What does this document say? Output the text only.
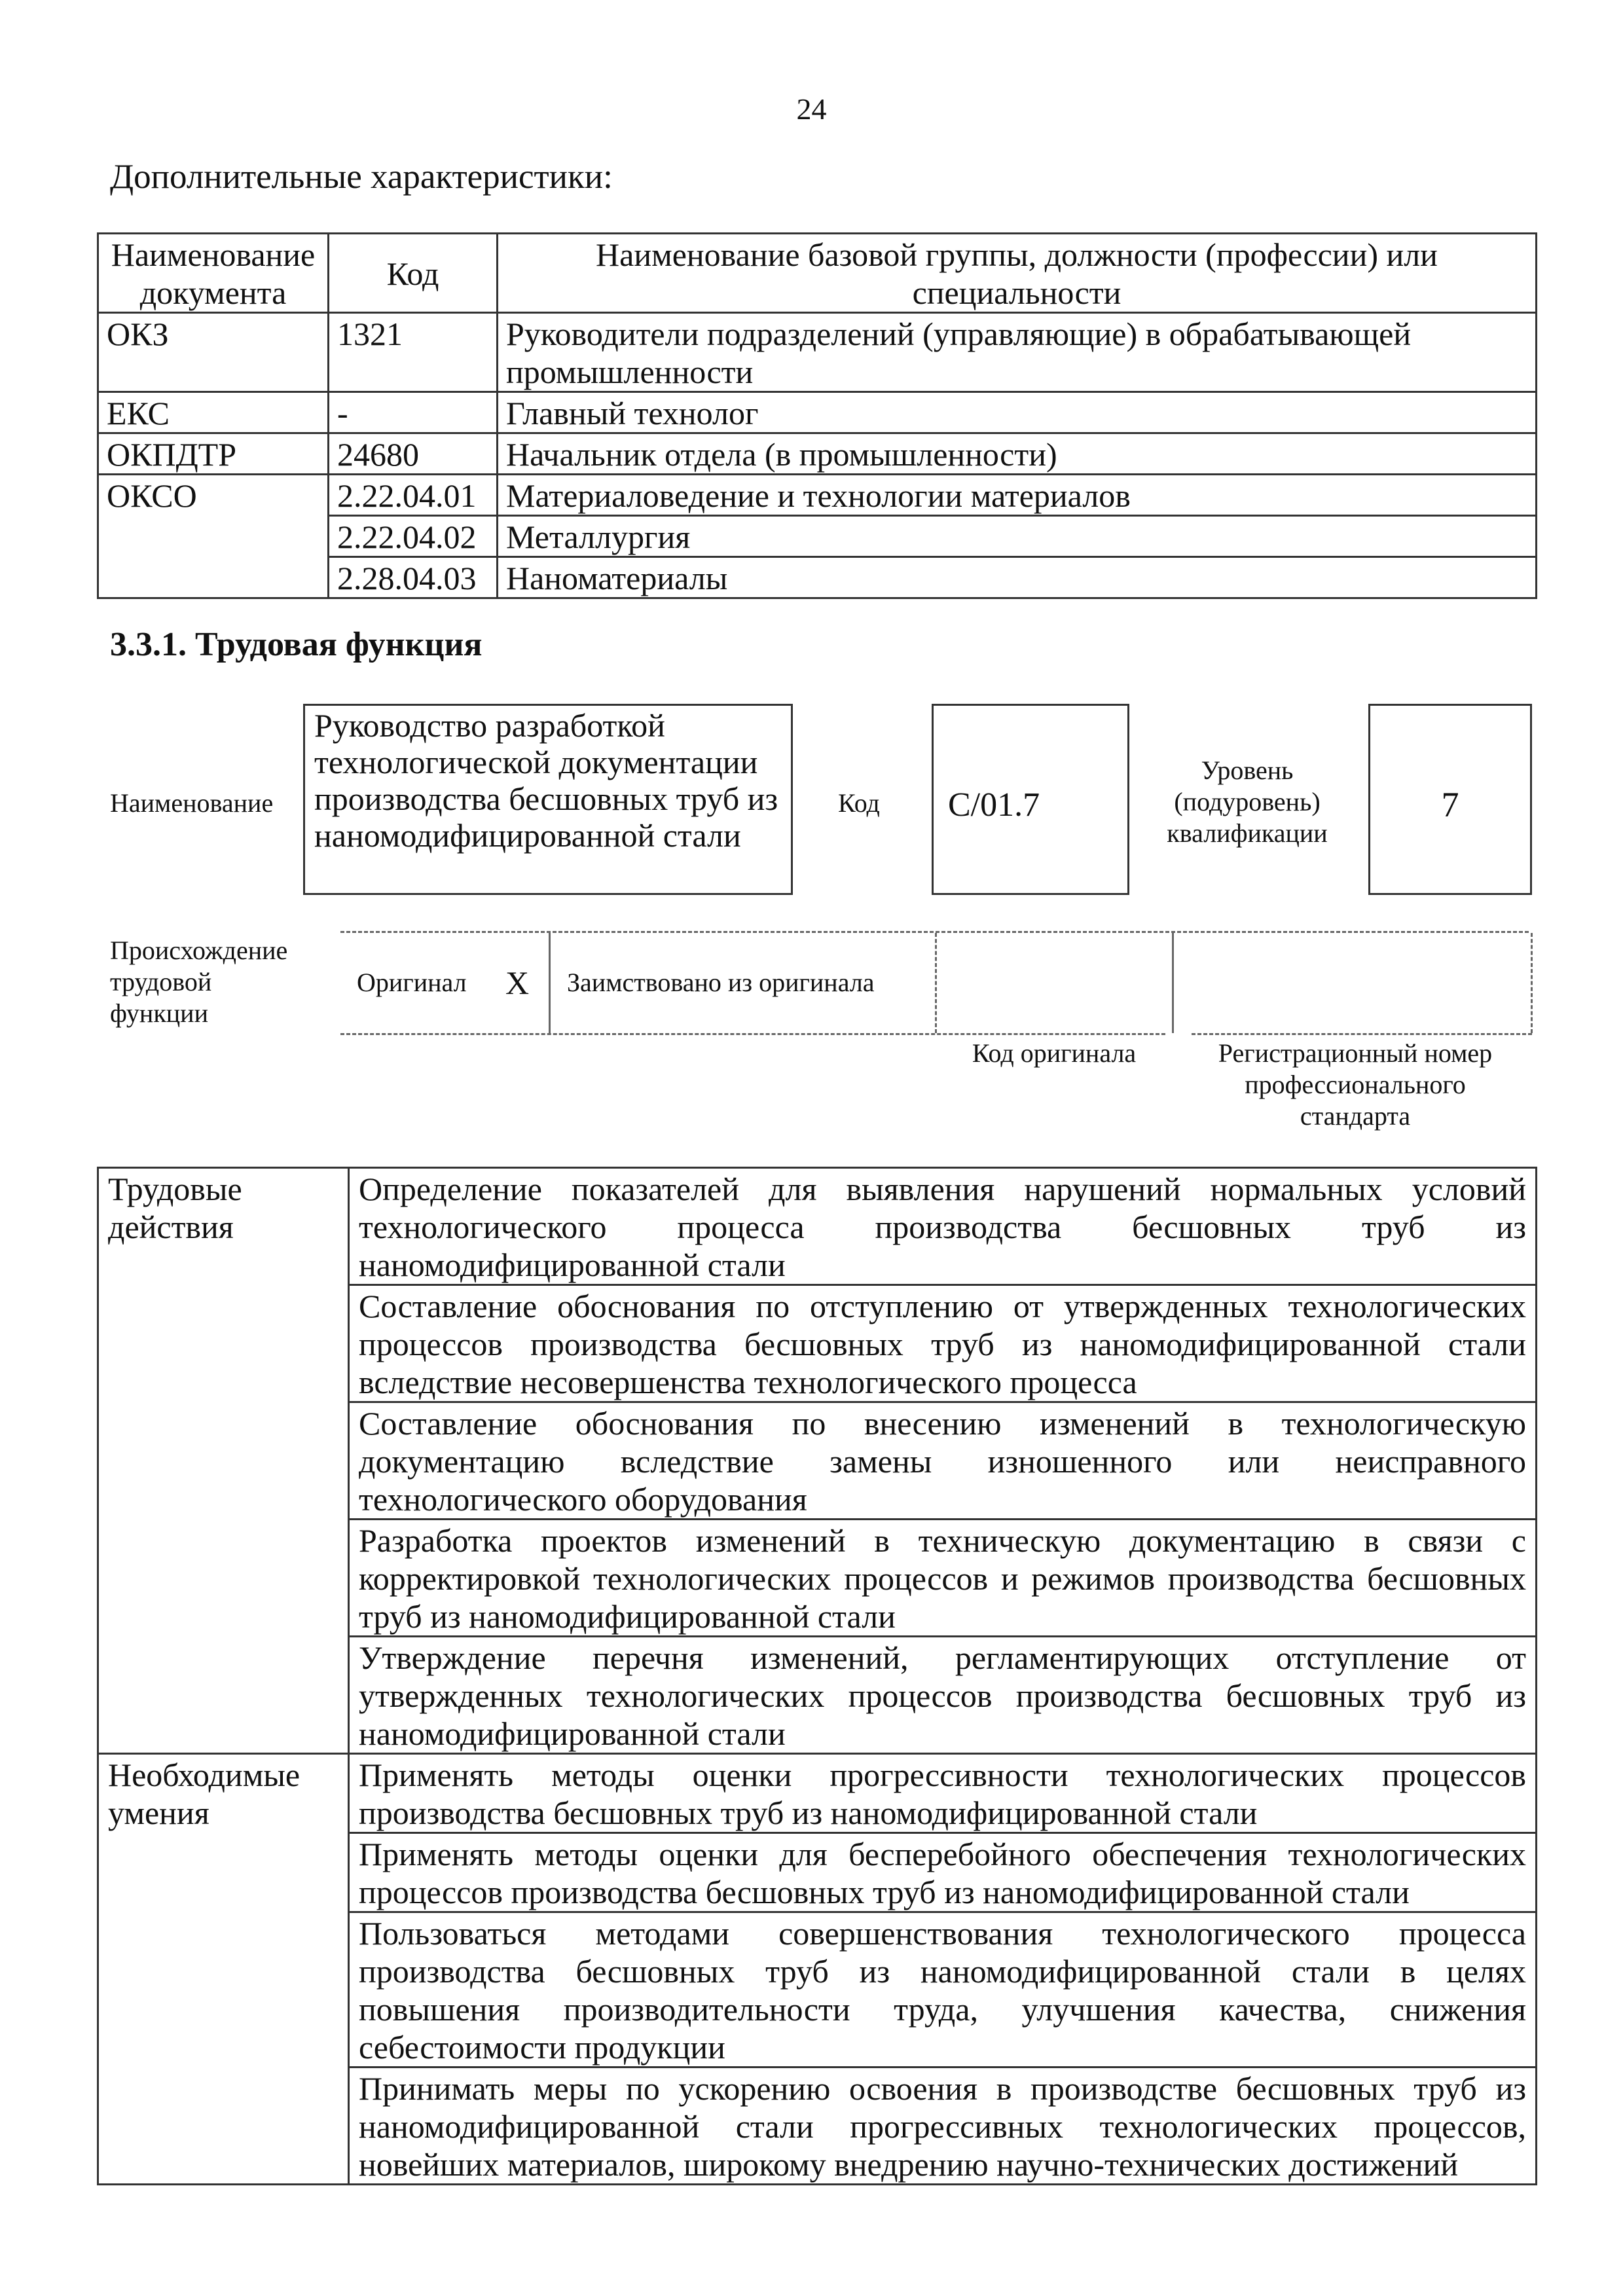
24
Дополнительные характеристики:
Наименование документа	Код	Наименование базовой группы, должности (профессии) или специальности
ОКЗ	1321	Руководители подразделений (управляющие) в обрабатывающей промышленности
ЕКС	-	Главный технолог
ОКПДТР	24680	Начальник отдела (в промышленности)
ОКСО	2.22.04.01	Материаловедение и технологии материалов
	2.22.04.02	Металлургия
	2.28.04.03	Наноматериалы
3.3.1. Трудовая функция
Наименование
Руководство разработкой технологической документации производства бесшовных труб из наномодифицированной стали
Код C/01.7
Уровень (подуровень) квалификации
7
Происхождение трудовой функции
Оригинал X Заимствовано из оригинала
Код оригинала	Регистрационный номер профессионального стандарта
Трудовые действия	Определение показателей для выявления нарушений нормальных условий технологического процесса производства бесшовных труб из наномодифицированной стали
	Составление обоснования по отступлению от утвержденных технологических процессов производства бесшовных труб из наномодифицированной стали вследствие несовершенства технологического процесса
	Составление обоснования по внесению изменений в технологическую документацию вследствие замены изношенного или неисправного технологического оборудования
	Разработка проектов изменений в техническую документацию в связи с корректировкой технологических процессов и режимов производства бесшовных труб из наномодифицированной стали
	Утверждение перечня изменений, регламентирующих отступление от утвержденных технологических процессов производства бесшовных труб из наномодифицированной стали
Необходимые умения	Применять методы оценки прогрессивности технологических процессов производства бесшовных труб из наномодифицированной стали
	Применять методы оценки для бесперебойного обеспечения технологических процессов производства бесшовных труб из наномодифицированной стали
	Пользоваться методами совершенствования технологического процесса производства бесшовных труб из наномодифицированной стали в целях повышения производительности труда, улучшения качества, снижения себестоимости продукции
	Принимать меры по ускорению освоения в производстве бесшовных труб из наномодифицированной стали прогрессивных технологических процессов, новейших материалов, широкому внедрению научно-технических достижений
